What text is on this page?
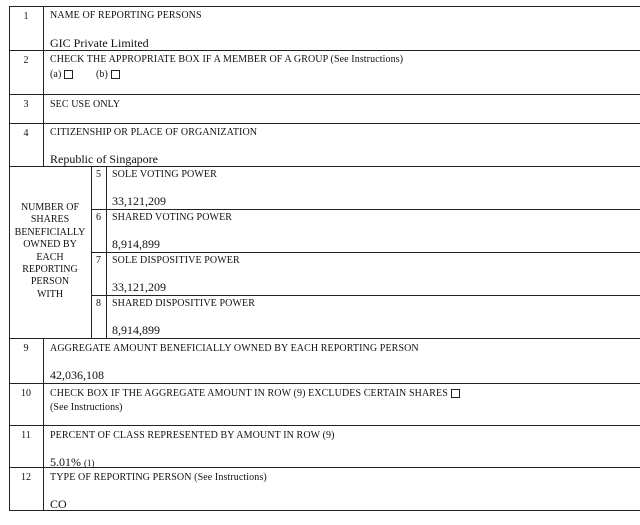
1	NAME OF REPORTING PERSONS
GIC Private Limited
2	CHECK THE APPROPRIATE BOX IF A MEMBER OF A GROUP (See Instructions)
(a)	(b)
3	SEC USE ONLY
4	CITIZENSHIP OR PLACE OF ORGANIZATION
Republic of Singapore
NUMBER OF
SHARES
BENEFICIALLY
OWNED BY
EACH
REPORTING
PERSON
WITH
5 SOLE VOTING POWER
33,121,209
6 SHARED VOTING POWER
8,914,899
7 SOLE DISPOSITIVE POWER
33,121,209
8 SHARED DISPOSITIVE POWER
8,914,899
9	AGGREGATE AMOUNT BENEFICIALLY OWNED BY EACH REPORTING PERSON
42,036,108
10	CHECK BOX IF THE AGGREGATE AMOUNT IN ROW (9) EXCLUDES CERTAIN SHARES
(See Instructions)
11	PERCENT OF CLASS REPRESENTED BY AMOUNT IN ROW (9)
5.01% (1)
12	TYPE OF REPORTING PERSON (See Instructions)
CO
